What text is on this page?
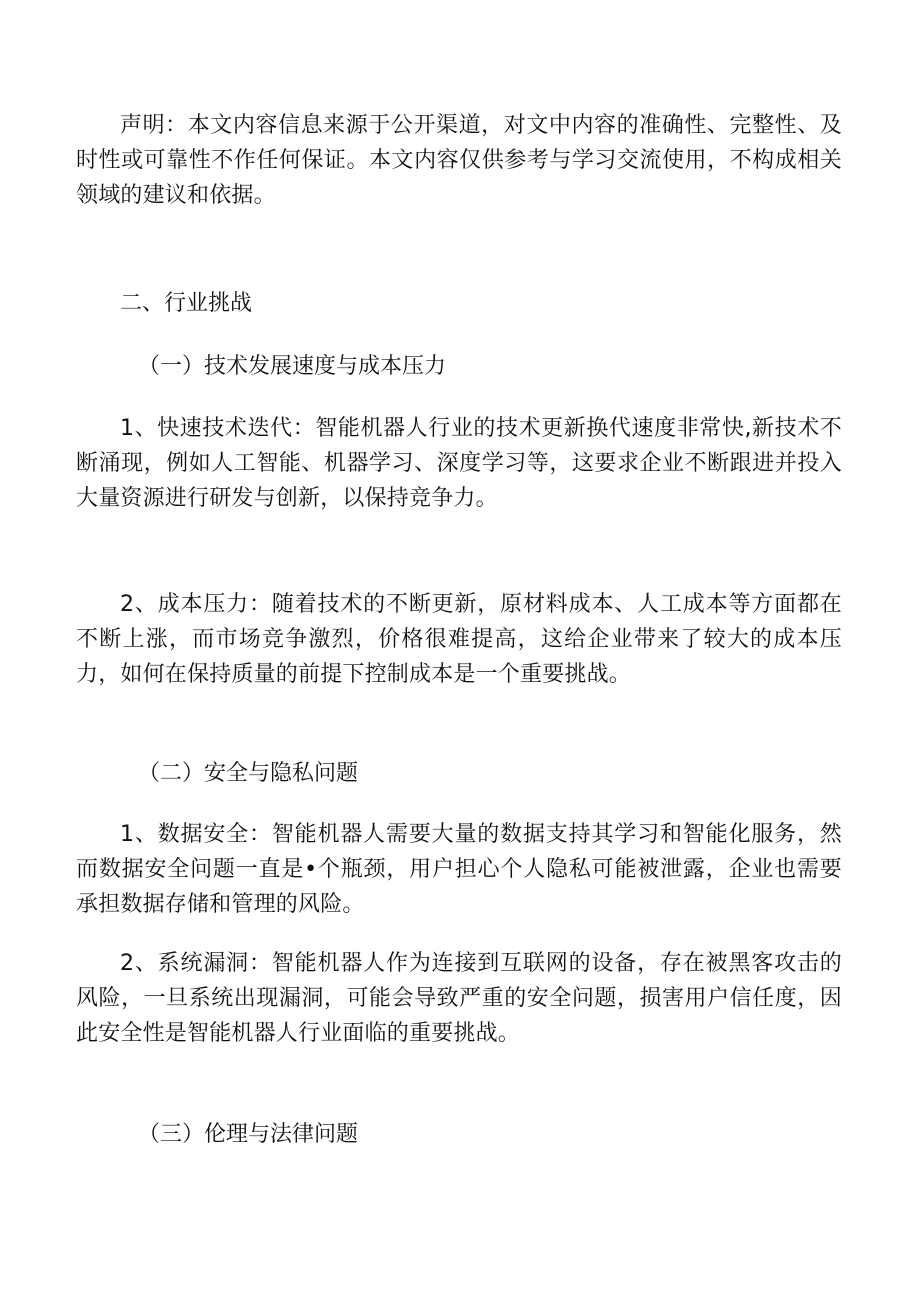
声明：本文内容信息来源于公开渠道，对文中内容的准确性、完整性、及时性或可靠性不作任何保证。本文内容仅供参考与学习交流使用，不构成相关领域的建议和依据。

二、行业挑战
（一）技术发展速度与成本压力

1、快速技术迭代：智能机器人行业的技术更新换代速度非常快,新技术不断涌现，例如人工智能、机器学习、深度学习等，这要求企业不断跟进并投入大量资源进行研发与创新，以保持竞争力。

2、成本压力：随着技术的不断更新，原材料成本、人工成本等方面都在不断上涨，而市场竞争激烈，价格很难提高，这给企业带来了较大的成本压力，如何在保持质量的前提下控制成本是一个重要挑战。

（二）安全与隐私问题

1、数据安全：智能机器人需要大量的数据支持其学习和智能化服务，然而数据安全问题一直是•个瓶颈，用户担心个人隐私可能被泄露，企业也需要承担数据存储和管理的风险。

2、系统漏洞：智能机器人作为连接到互联网的设备，存在被黑客攻击的风险，一旦系统出现漏洞，可能会导致严重的安全问题，损害用户信任度，因此安全性是智能机器人行业面临的重要挑战。

（三）伦理与法律问题
